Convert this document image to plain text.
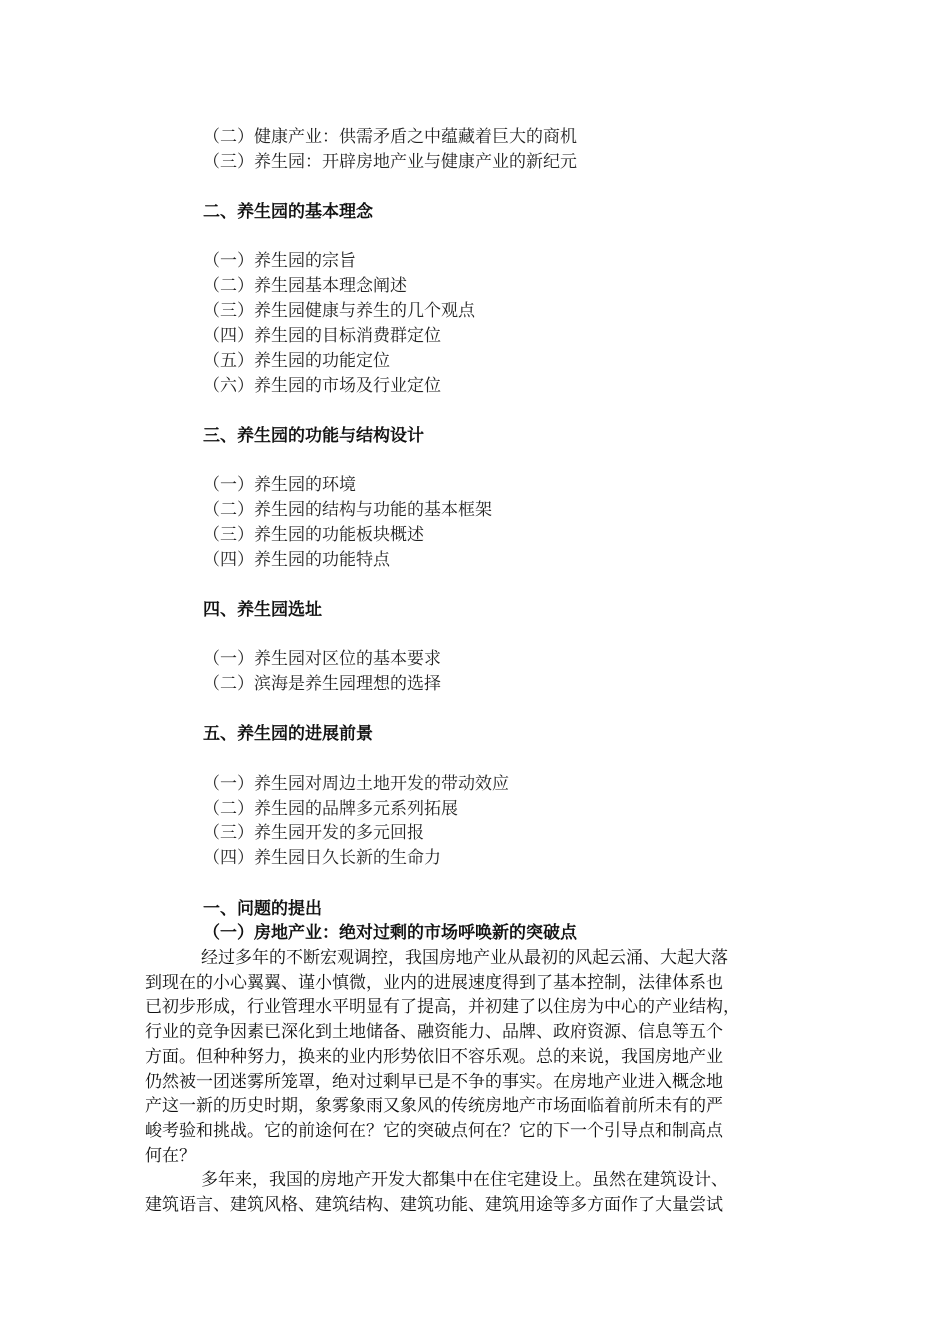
（二）健康产业：供需矛盾之中蕴藏着巨大的商机
（三）养生园：开辟房地产业与健康产业的新纪元
二、养生园的基本理念
（一）养生园的宗旨
（二）养生园基本理念阐述
（三）养生园健康与养生的几个观点
（四）养生园的目标消费群定位
（五）养生园的功能定位
（六）养生园的市场及行业定位
三、养生园的功能与结构设计
（一）养生园的环境
（二）养生园的结构与功能的基本框架
（三）养生园的功能板块概述
（四）养生园的功能特点
四、养生园选址
（一）养生园对区位的基本要求
（二）滨海是养生园理想的选择
五、养生园的进展前景
（一）养生园对周边土地开发的带动效应
（二）养生园的品牌多元系列拓展
（三）养生园开发的多元回报
（四）养生园日久长新的生命力
一、问题的提出
（一）房地产业：绝对过剩的市场呼唤新的突破点
经过多年的不断宏观调控，我国房地产业从最初的风起云涌、大起大落
到现在的小心翼翼、谨小慎微，业内的进展速度得到了基本控制，法律体系也
已初步形成，行业管理水平明显有了提高，并初建了以住房为中心的产业结构，
行业的竞争因素已深化到土地储备、融资能力、品牌、政府资源、信息等五个
方面。但种种努力，换来的业内形势依旧不容乐观。总的来说，我国房地产业
仍然被一团迷雾所笼罩，绝对过剩早已是不争的事实。在房地产业进入概念地
产这一新的历史时期，象雾象雨又象风的传统房地产市场面临着前所未有的严
峻考验和挑战。它的前途何在？它的突破点何在？它的下一个引导点和制高点
何在？
多年来，我国的房地产开发大都集中在住宅建设上。虽然在建筑设计、
建筑语言、建筑风格、建筑结构、建筑功能、建筑用途等多方面作了大量尝试
